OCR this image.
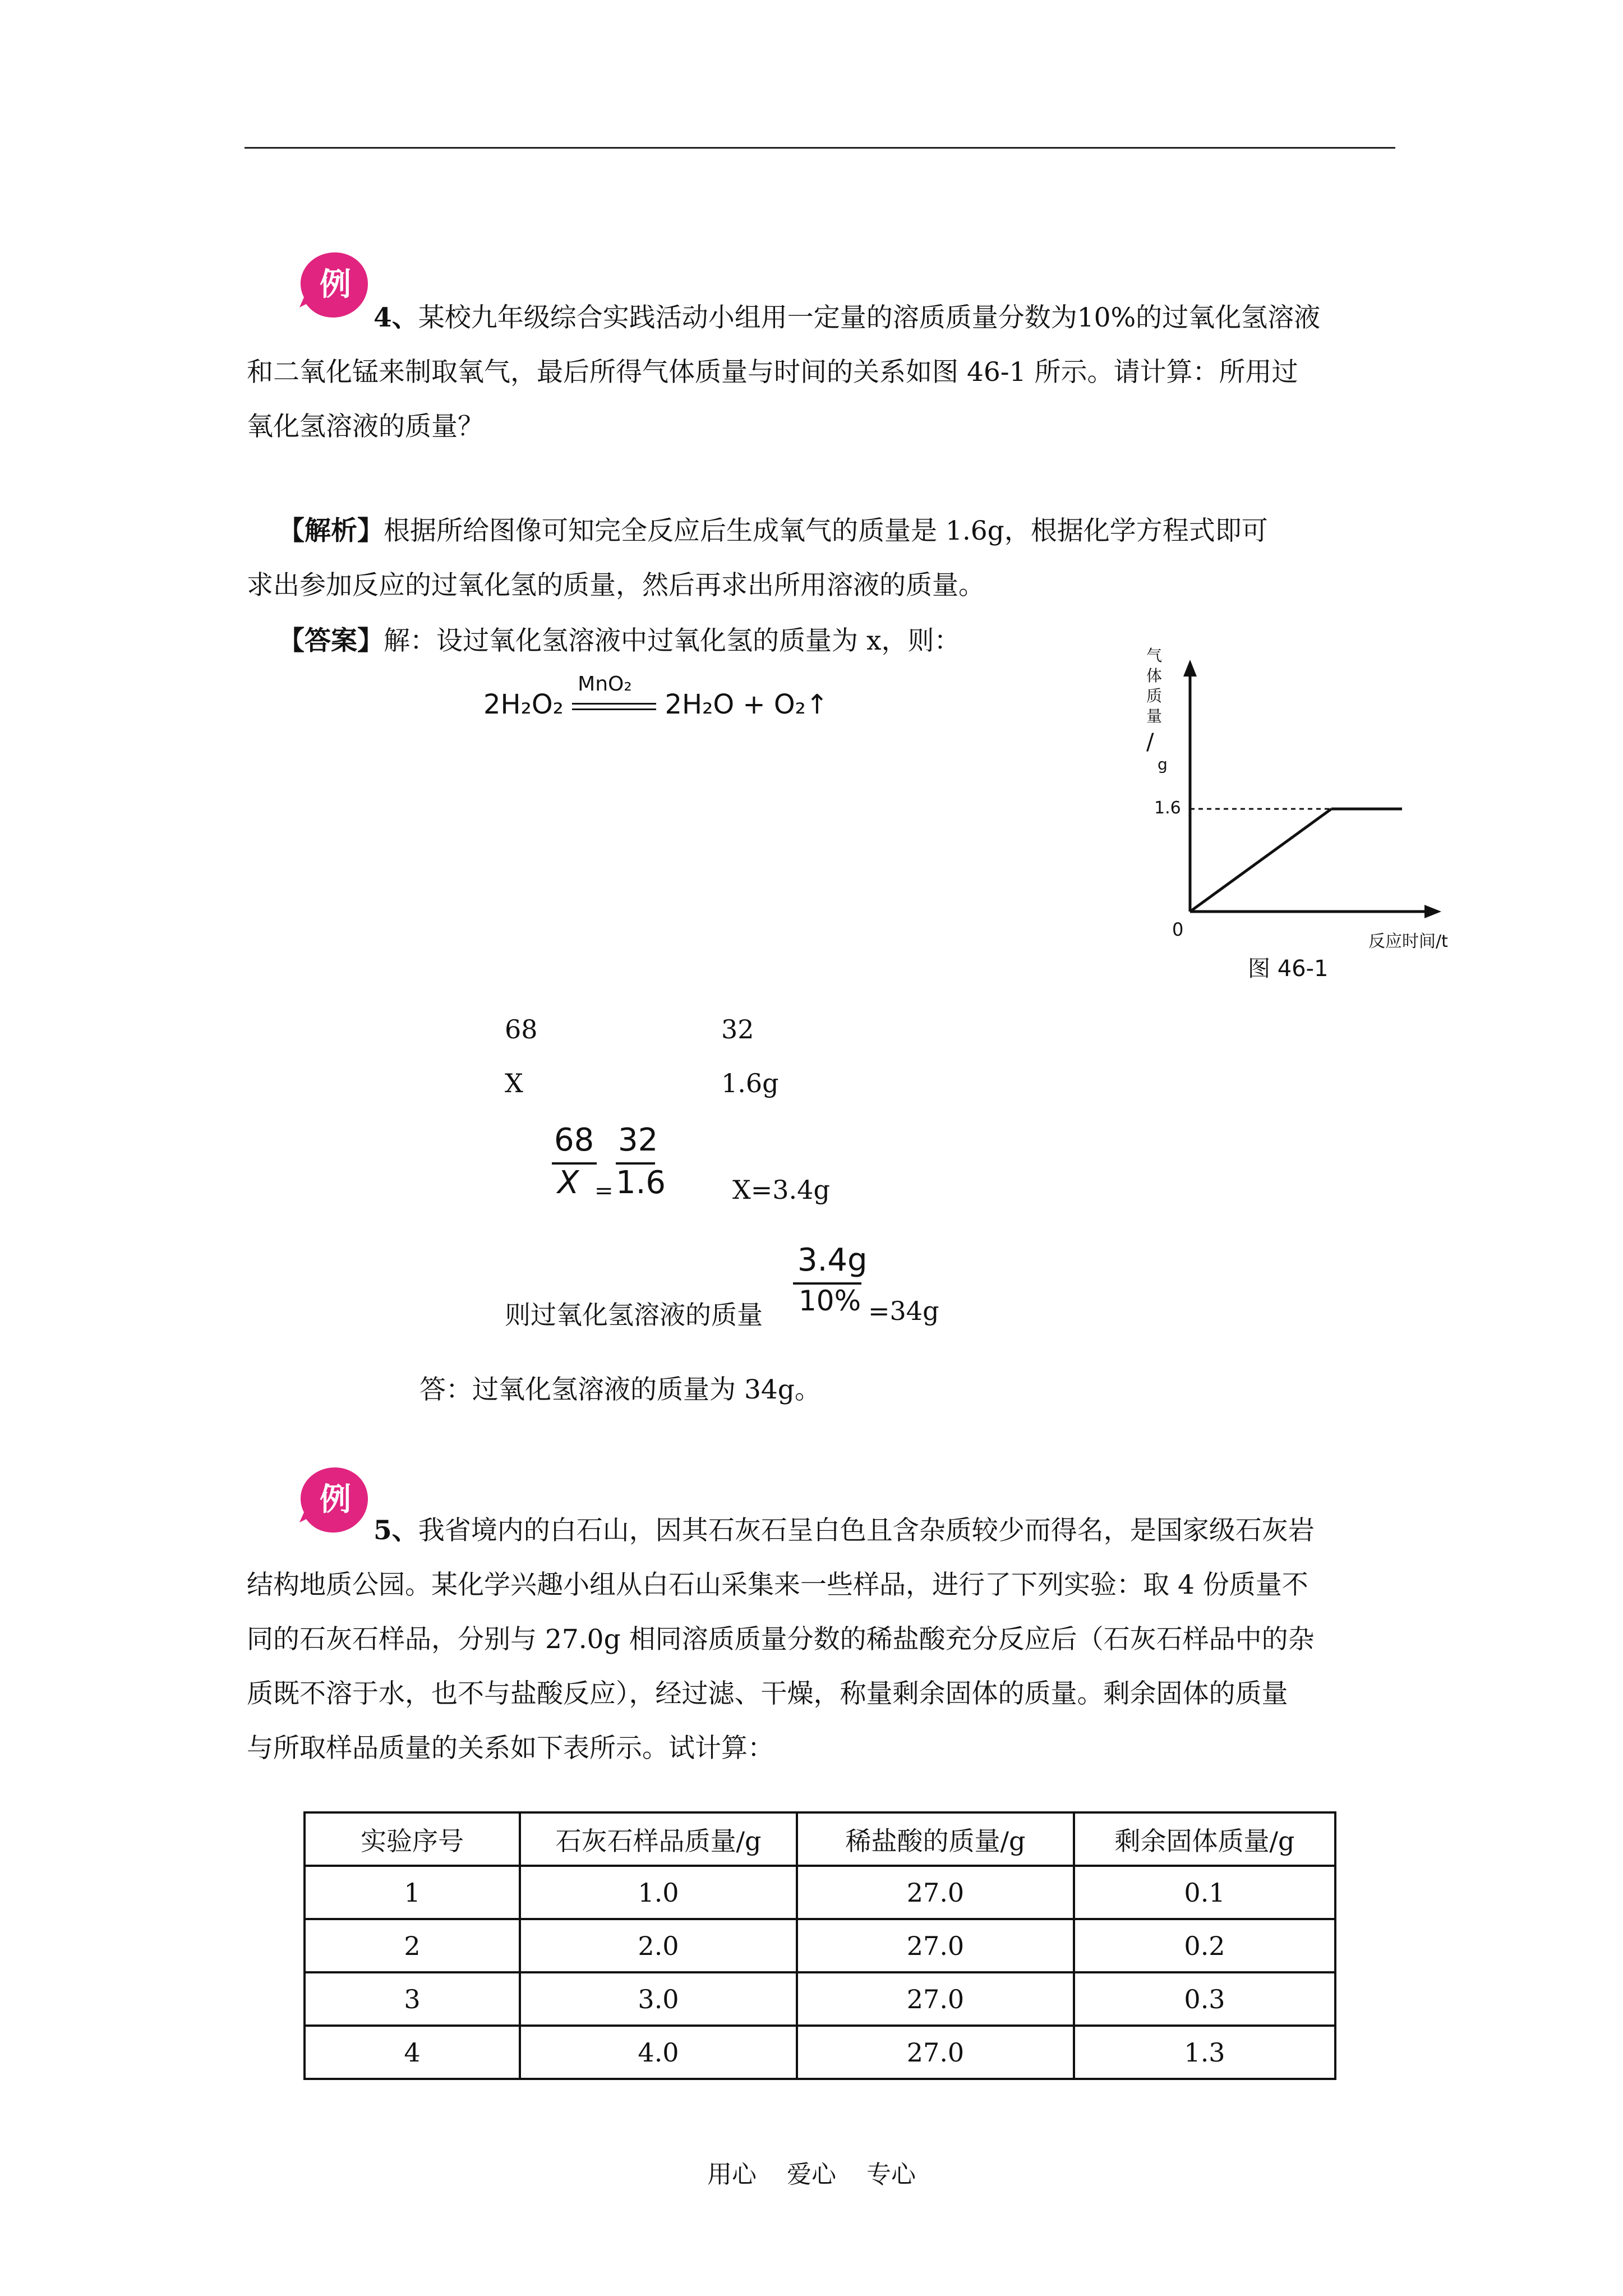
例
4、某校九年级综合实践活动小组用一定量的溶质质量分数为10%的过氧化氢溶液
和二氧化锰来制取氧气，最后所得气体质量与时间的关系如图 46-1 所示。请计算：所用过
氧化氢溶液的质量？
【解析】根据所给图像可知完全反应后生成氧气的质量是 1.6g，根据化学方程式即可
求出参加反应的过氧化氢的质量，然后再求出所用溶液的质量。
【答案】解：设过氧化氢溶液中过氧化氢的质量为 x，则：
2H₂O₂
MnO₂
2H₂O + O₂↑
气
体
质
量
/
g
1.6
0
反应时间/t
图 46-1
68	32
X	1.6g
68
X =
32
1.6	X=3.4g
3.4g
10%
则过氧化氢溶液的质量	=34g
答：过氧化氢溶液的质量为 34g。
例
5、我省境内的白石山，因其石灰石呈白色且含杂质较少而得名，是国家级石灰岩
结构地质公园。某化学兴趣小组从白石山采集来一些样品，进行了下列实验：取 4 份质量不
同的石灰石样品，分别与 27.0g 相同溶质质量分数的稀盐酸充分反应后（石灰石样品中的杂
质既不溶于水，也不与盐酸反应），经过滤、干燥，称量剩余固体的质量。剩余固体的质量
与所取样品质量的关系如下表所示。试计算：
实验序号	石灰石样品质量/g	稀盐酸的质量/g	剩余固体质量/g
1	1.0	27.0	0.1
2	2.0	27.0	0.2
3	3.0	27.0	0.3
4	4.0	27.0	1.3
用心 爱心 专心
